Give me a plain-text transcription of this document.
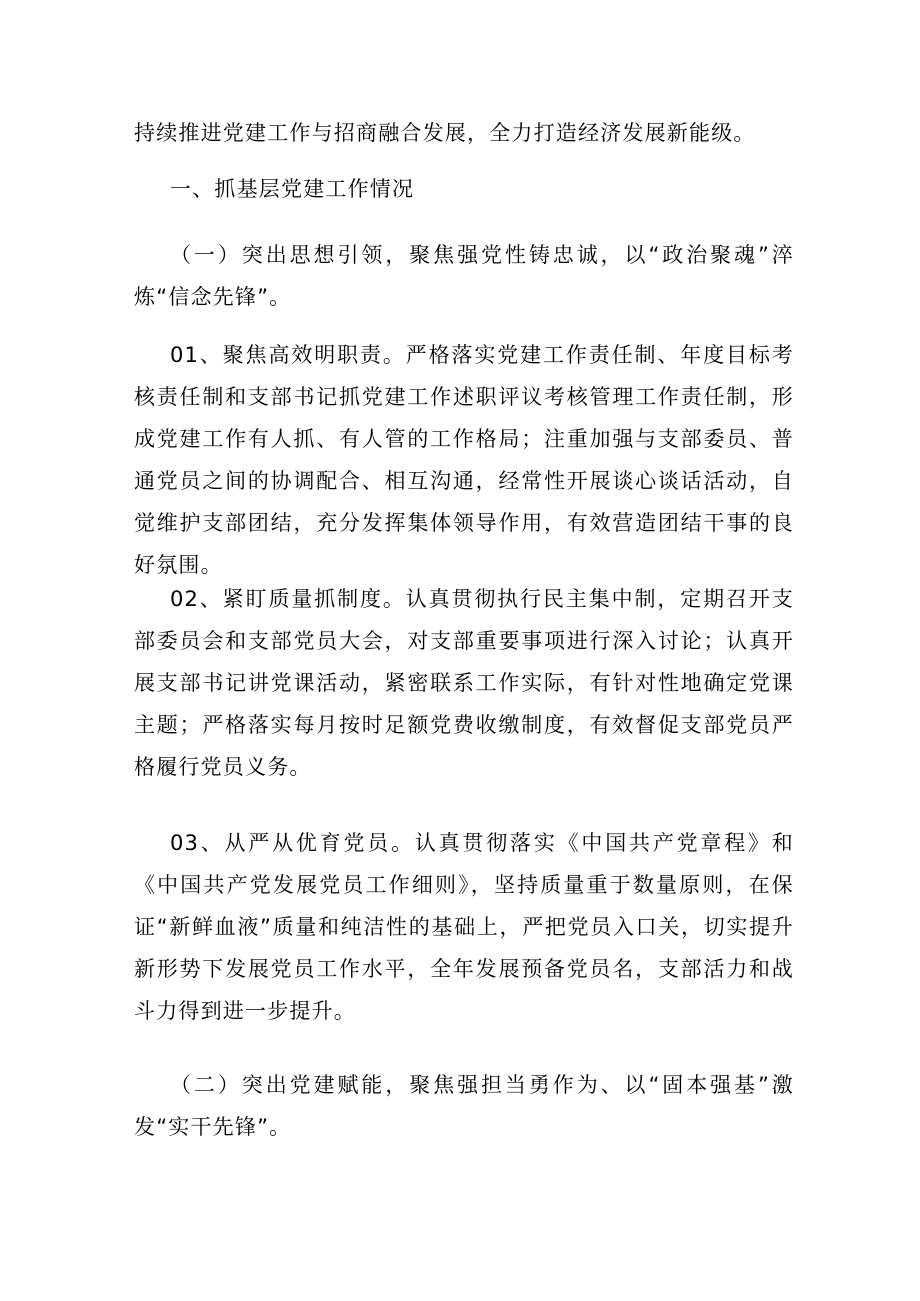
持续推进党建工作与招商融合发展，全力打造经济发展新能级。

一、抓基层党建工作情况

（一）突出思想引领，聚焦强党性铸忠诚，以“政治聚魂”淬炼“信念先锋”。

01、聚焦高效明职责。严格落实党建工作责任制、年度目标考核责任制和支部书记抓党建工作述职评议考核管理工作责任制，形成党建工作有人抓、有人管的工作格局；注重加强与支部委员、普通党员之间的协调配合、相互沟通，经常性开展谈心谈话活动，自觉维护支部团结，充分发挥集体领导作用，有效营造团结干事的良好氛围。

02、紧盯质量抓制度。认真贯彻执行民主集中制，定期召开支部委员会和支部党员大会，对支部重要事项进行深入讨论；认真开展支部书记讲党课活动，紧密联系工作实际，有针对性地确定党课主题；严格落实每月按时足额党费收缴制度，有效督促支部党员严格履行党员义务。

03、从严从优育党员。认真贯彻落实《中国共产党章程》和《中国共产党发展党员工作细则》，坚持质量重于数量原则，在保证“新鲜血液”质量和纯洁性的基础上，严把党员入口关，切实提升新形势下发展党员工作水平，全年发展预备党员名，支部活力和战斗力得到进一步提升。

（二）突出党建赋能，聚焦强担当勇作为、以“固本强基”激发“实干先锋”。
